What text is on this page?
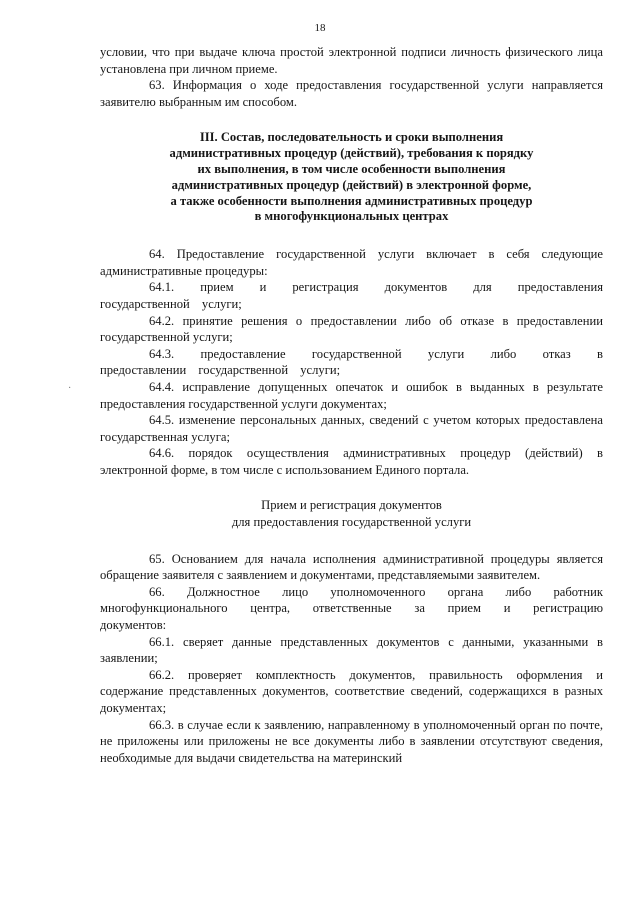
18

условии, что при выдаче ключа простой электронной подписи личность физического лица установлена при личном приеме.

63. Информация о ходе предоставления государственной услуги направляется заявителю выбранным им способом.

III. Состав, последовательность и сроки выполнения
административных процедур (действий), требования к порядку
их выполнения, в том числе особенности выполнения
административных процедур (действий) в электронной форме,
а также особенности выполнения административных процедур
в многофункциональных центрах

64. Предоставление государственной услуги включает в себя следующие административные процедуры:

64.1. прием и регистрация документов для предоставления государственной услуги;

64.2. принятие решения о предоставлении либо об отказе в предоставлении государственной услуги;

64.3. предоставление государственной услуги либо отказ в предоставлении государственной услуги;

64.4. исправление допущенных опечаток и ошибок в выданных в результате предоставления государственной услуги документах;

64.5. изменение персональных данных, сведений с учетом которых предоставлена государственная услуга;

64.6. порядок осуществления административных процедур (действий) в электронной форме, в том числе с использованием Единого портала.

Прием и регистрация документов
для предоставления государственной услуги

65. Основанием для начала исполнения административной процедуры является обращение заявителя с заявлением и документами, представляемыми заявителем.

66. Должностное лицо уполномоченного органа либо работник многофункционального центра, ответственные за прием и регистрацию документов:

66.1. сверяет данные представленных документов с данными, указанными в заявлении;

66.2. проверяет комплектность документов, правильность оформления и содержание представленных документов, соответствие сведений, содержащихся в разных документах;

66.3. в случае если к заявлению, направленному в уполномоченный орган по почте, не приложены или приложены не все документы либо в заявлении отсутствуют сведения, необходимые для выдачи свидетельства на материнский

·
